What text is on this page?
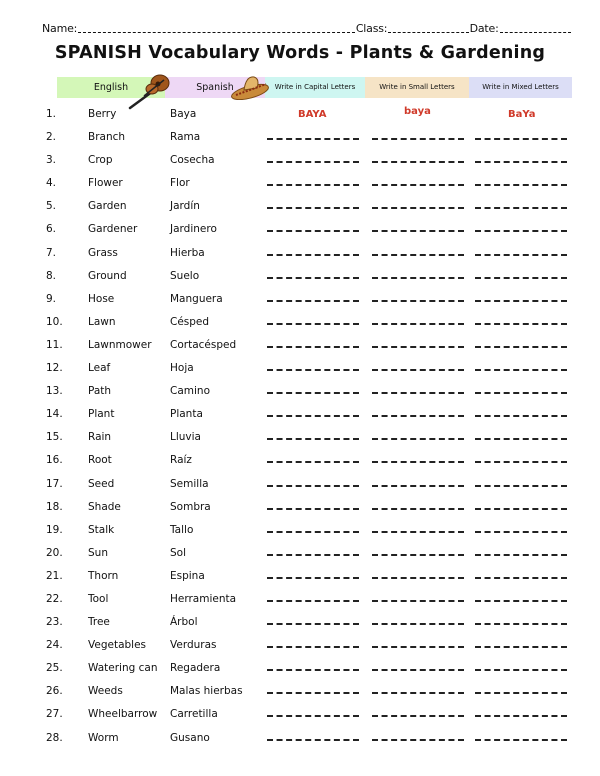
Name:	Class:	Date:
SPANISH Vocabulary Words - Plants & Gardening
English	Spanish	Write in Capital Letters	Write in Small Letters	Write in Mixed Letters
1.	Berry	Baya	BAYA	baya	BaYa
2.	Branch	Rama
3.	Crop	Cosecha
4.	Flower	Flor
5.	Garden	Jardín
6.	Gardener	Jardinero
7.	Grass	Hierba
8.	Ground	Suelo
9.	Hose	Manguera
10. Lawn	Césped
11. Lawnmower Cortacésped
12. Leaf	Hoja
13. Path	Camino
14. Plant	Planta
15. Rain	Lluvia
16. Root	Raíz
17. Seed	Semilla
18. Shade	Sombra
19. Stalk	Tallo
20. Sun	Sol
21. Thorn	Espina
22. Tool	Herramienta
23. Tree	Árbol
24. Vegetables Verduras
25. Watering can Regadera
26. Weeds	Malas hierbas
27. Wheelbarrow Carretilla
28. Worm	Gusano
